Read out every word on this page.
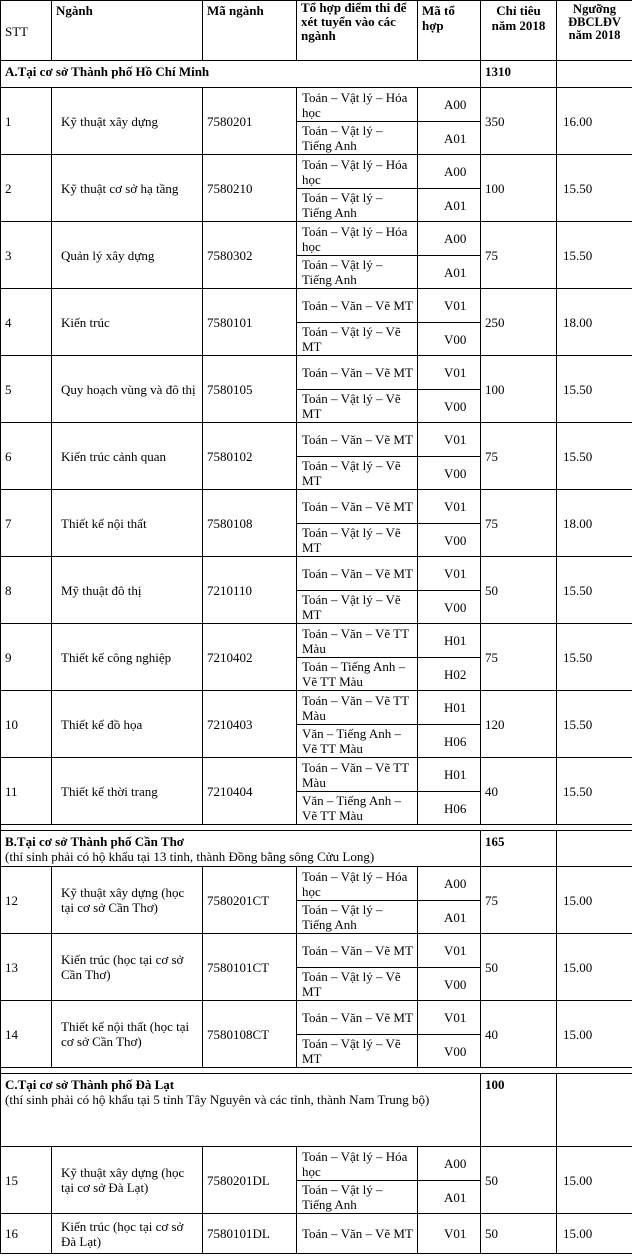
STT	Ngành	Mã ngành	Tổ hợp điểm thi để xét tuyển vào các ngành	Mã tổ hợp	Chỉ tiêu năm 2018	Ngưỡng ĐBCLĐV năm 2018

A.Tại cơ sở Thành phố Hồ Chí Minh					1310	
1	Kỹ thuật xây dựng	7580201	Toán – Vật lý – Hóa học	A00	350	16.00
			Toán – Vật lý – Tiếng Anh	A01		
2	Kỹ thuật cơ sở hạ tầng	7580210	Toán – Vật lý – Hóa học	A00	100	15.50
			Toán – Vật lý – Tiếng Anh	A01		
3	Quản lý xây dựng	7580302	Toán – Vật lý – Hóa học	A00	75	15.50
			Toán – Vật lý – Tiếng Anh	A01		
4	Kiến trúc	7580101	Toán – Văn – Vẽ MT	V01	250	18.00
			Toán – Vật lý – Vẽ MT	V00		
5	Quy hoạch vùng và đô thị	7580105	Toán – Văn – Vẽ MT	V01	100	15.50
			Toán – Vật lý – Vẽ MT	V00		
6	Kiến trúc cảnh quan	7580102	Toán – Văn – Vẽ MT	V01	75	15.50
			Toán – Vật lý – Vẽ MT	V00		
7	Thiết kế nội thất	7580108	Toán – Văn – Vẽ MT	V01	75	18.00
			Toán – Vật lý – Vẽ MT	V00		
8	Mỹ thuật đô thị	7210110	Toán – Văn – Vẽ MT	V01	50	15.50
			Toán – Vật lý – Vẽ MT	V00		
9	Thiết kế công nghiệp	7210402	Toán – Văn – Vẽ TT Màu	H01	75	15.50
			Toán – Tiếng Anh – Vẽ TT Màu	H02		
10	Thiết kế đồ họa	7210403	Toán – Văn – Vẽ TT Màu	H01	120	15.50
			Văn – Tiếng Anh – Vẽ TT Màu	H06		
11	Thiết kế thời trang	7210404	Toán – Văn – Vẽ TT Màu	H01	40	15.50
			Văn – Tiếng Anh – Vẽ TT Màu	H06		

B.Tại cơ sở Thành phố Cần Thơ
(thí sinh phải có hộ khẩu tại 13 tỉnh, thành Đồng bằng sông Cửu Long)					165	
12	Kỹ thuật xây dựng (học tại cơ sở Cần Thơ)	7580201CT	Toán – Vật lý – Hóa học	A00	75	15.00
			Toán – Vật lý – Tiếng Anh	A01		
13	Kiến trúc (học tại cơ sở Cần Thơ)	7580101CT	Toán – Văn – Vẽ MT	V01	50	15.00
			Toán – Vật lý – Vẽ MT	V00		
14	Thiết kế nội thất (học tại cơ sở Cần Thơ)	7580108CT	Toán – Văn – Vẽ MT	V01	40	15.00
			Toán – Vật lý – Vẽ MT	V00		

C.Tại cơ sở Thành phố Đà Lạt
(thí sinh phải có hộ khẩu tại 5 tỉnh Tây Nguyên và các tỉnh, thành Nam Trung bộ)					100	
15	Kỹ thuật xây dựng (học tại cơ sở Đà Lạt)	7580201DL	Toán – Vật lý – Hóa học	A00	50	15.00
			Toán – Vật lý – Tiếng Anh	A01		
16	Kiến trúc (học tại cơ sở Đà Lạt)	7580101DL	Toán – Văn – Vẽ MT	V01	50	15.00
